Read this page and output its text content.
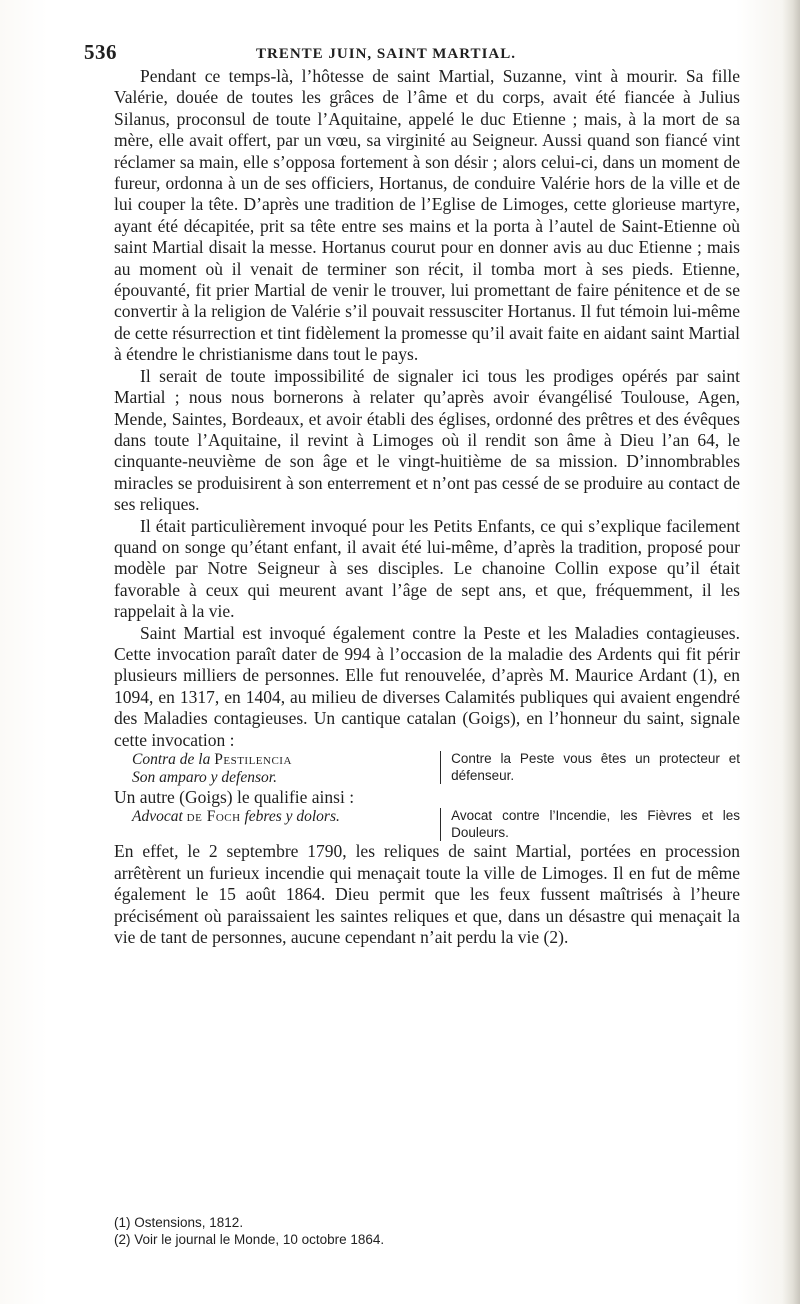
536	TRENTE JUIN, SAINT MARTIAL.

Pendant ce temps-là, l’hôtesse de saint Martial, Suzanne, vint à mourir. Sa fille Valérie, douée de toutes les grâces de l’âme et du corps, avait été fiancée à Julius Silanus, proconsul de toute l’Aquitaine, appelé le duc Etienne ; mais, à la mort de sa mère, elle avait offert, par un vœu, sa virginité au Seigneur. Aussi quand son fiancé vint réclamer sa main, elle s’opposa fortement à son désir ; alors celui-ci, dans un moment de fureur, ordonna à un de ses officiers, Hortanus, de conduire Valérie hors de la ville et de lui couper la tête. D’après une tradition de l’Eglise de Limoges, cette glorieuse martyre, ayant été décapitée, prit sa tête entre ses mains et la porta à l’autel de Saint-Etienne où saint Martial disait la messe. Hortanus courut pour en donner avis au duc Etienne ; mais au moment où il venait de terminer son récit, il tomba mort à ses pieds. Etienne, épouvanté, fit prier Martial de venir le trouver, lui promettant de faire pénitence et de se convertir à la religion de Valérie s’il pouvait ressusciter Hortanus. Il fut témoin lui-même de cette résurrection et tint fidèlement la promesse qu’il avait faite en aidant saint Martial à étendre le christianisme dans tout le pays.

Il serait de toute impossibilité de signaler ici tous les prodiges opérés par saint Martial ; nous nous bornerons à relater qu’après avoir évangélisé Toulouse, Agen, Mende, Saintes, Bordeaux, et avoir établi des églises, ordonné des prêtres et des évêques dans toute l’Aquitaine, il revint à Limoges où il rendit son âme à Dieu l’an 64, le cinquante-neuvième de son âge et le vingt-huitième de sa mission. D’innombrables miracles se produisirent à son enterrement et n’ont pas cessé de se produire au contact de ses reliques.

Il était particulièrement invoqué pour les Petits Enfants, ce qui s’explique facilement quand on songe qu’étant enfant, il avait été lui-même, d’après la tradition, proposé pour modèle par Notre Seigneur à ses disciples. Le chanoine Collin expose qu’il était favorable à ceux qui meurent avant l’âge de sept ans, et que, fréquemment, il les rappelait à la vie.

Saint Martial est invoqué également contre la Peste et les Maladies contagieuses. Cette invocation paraît dater de 994 à l’occasion de la maladie des Ardents qui fit périr plusieurs milliers de personnes. Elle fut renouvelée, d’après M. Maurice Ardant (1), en 1094, en 1317, en 1404, au milieu de diverses Calamités publiques qui avaient engendré des Maladies contagieuses. Un cantique catalan (Goigs), en l’honneur du saint, signale cette invocation :

Contra de la Pestilencia
Son amparo y defensor.
Contre la Peste vous êtes un protecteur et défenseur.

Un autre (Goigs) le qualifie ainsi :

Advocat de Foch febres y dolors.	Avocat contre l’Incendie, les Fièvres et les Douleurs.

En effet, le 2 septembre 1790, les reliques de saint Martial, portées en procession arrêtèrent un furieux incendie qui menaçait toute la ville de Limoges. Il en fut de même également le 15 août 1864. Dieu permit que les feux fussent maîtrisés à l’heure précisément où paraissaient les saintes reliques et que, dans un désastre qui menaçait la vie de tant de personnes, aucune cependant n’ait perdu la vie (2).

(1) Ostensions, 1812.
(2) Voir le journal le Monde, 10 octobre 1864.
